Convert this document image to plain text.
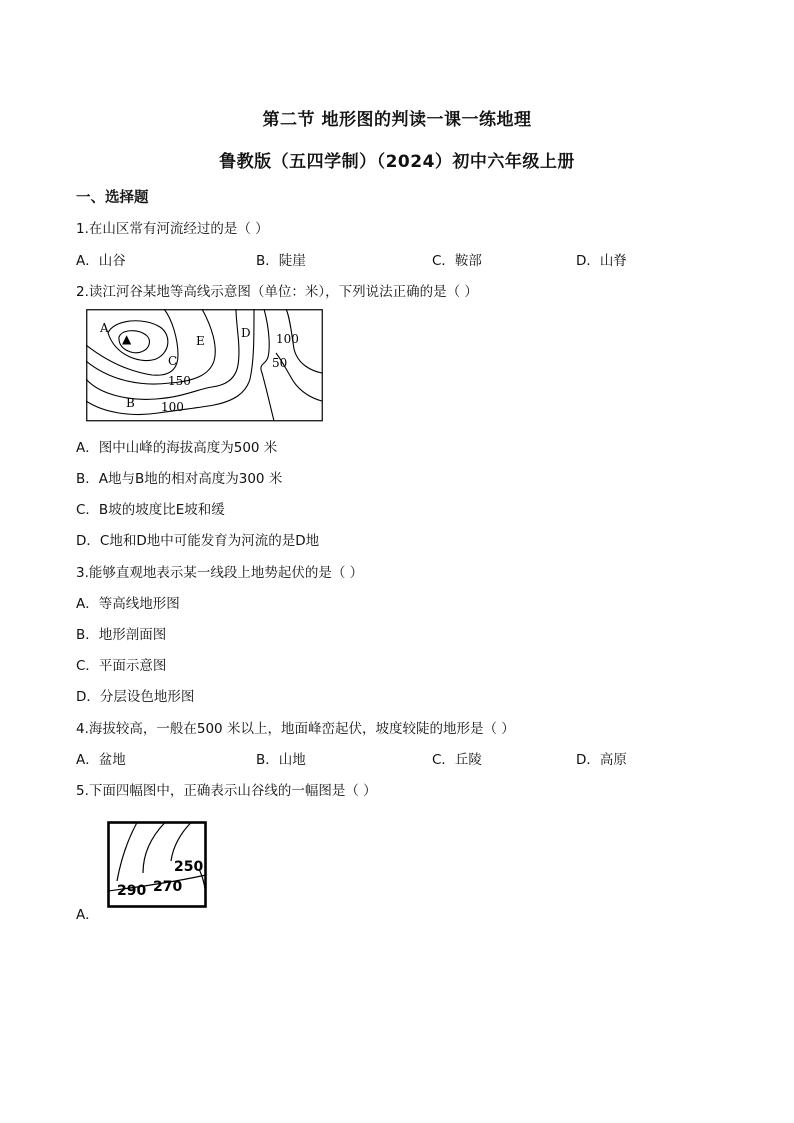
第二节 地形图的判读一课一练地理
鲁教版（五四学制）（2024）初中六年级上册
一、选择题
1.在山区常有河流经过的是（ ）
A．山谷	B．陡崖	C．鞍部	D．山脊
2.读江河谷某地等高线示意图（单位：米），下列说法正确的是（ ）
▲
A
B
C
D
E
150
100
100
50
A．图中山峰的海拔高度为500 米
B．A地与B地的相对高度为300 米
C．B坡的坡度比E坡和缓
D．C地和D地中可能发育为河流的是D地
3.能够直观地表示某一线段上地势起伏的是（ ）
A．等高线地形图
B．地形剖面图
C．平面示意图
D．分层设色地形图
4.海拔较高，一般在500 米以上，地面峰峦起伏，坡度较陡的地形是（ ）
A．盆地	B．山地	C．丘陵	D．高原
5.下面四幅图中，正确表示山谷线的一幅图是（ ）
250
270
290
A．
